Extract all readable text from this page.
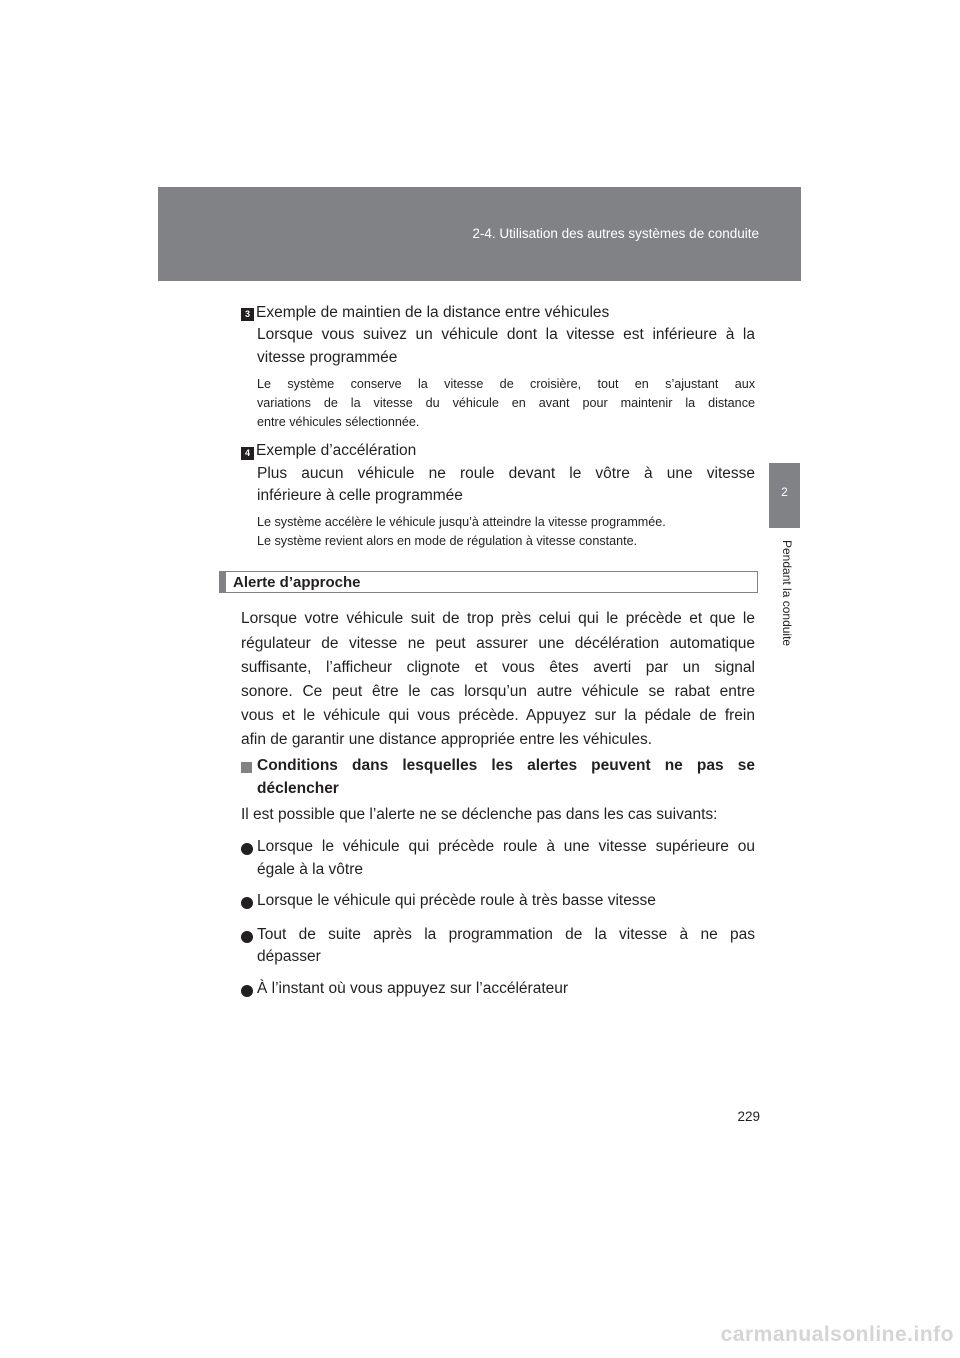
2-4. Utilisation des autres systèmes de conduite
2
Pendant la conduite
3 Exemple de maintien de la distance entre véhicules
Lorsque vous suivez un véhicule dont la vitesse est inférieure à la
vitesse programmée
Le système conserve la vitesse de croisière, tout en s’ajustant aux
variations de la vitesse du véhicule en avant pour maintenir la distance
entre véhicules sélectionnée.
4 Exemple d’accélération
Plus aucun véhicule ne roule devant le vôtre à une vitesse
inférieure à celle programmée
Le système accélère le véhicule jusqu’à atteindre la vitesse programmée.
Le système revient alors en mode de régulation à vitesse constante.
Alerte d’approche
Lorsque votre véhicule suit de trop près celui qui le précède et que le
régulateur de vitesse ne peut assurer une décélération automatique
suffisante, l’afficheur clignote et vous êtes averti par un signal
sonore. Ce peut être le cas lorsqu’un autre véhicule se rabat entre
vous et le véhicule qui vous précède. Appuyez sur la pédale de frein
afin de garantir une distance appropriée entre les véhicules.
Conditions dans lesquelles les alertes peuvent ne pas se
déclencher
Il est possible que l’alerte ne se déclenche pas dans les cas suivants:
Lorsque le véhicule qui précède roule à une vitesse supérieure ou
égale à la vôtre
Lorsque le véhicule qui précède roule à très basse vitesse
Tout de suite après la programmation de la vitesse à ne pas
dépasser
À l’instant où vous appuyez sur l’accélérateur
229
carmanualsonline.info
